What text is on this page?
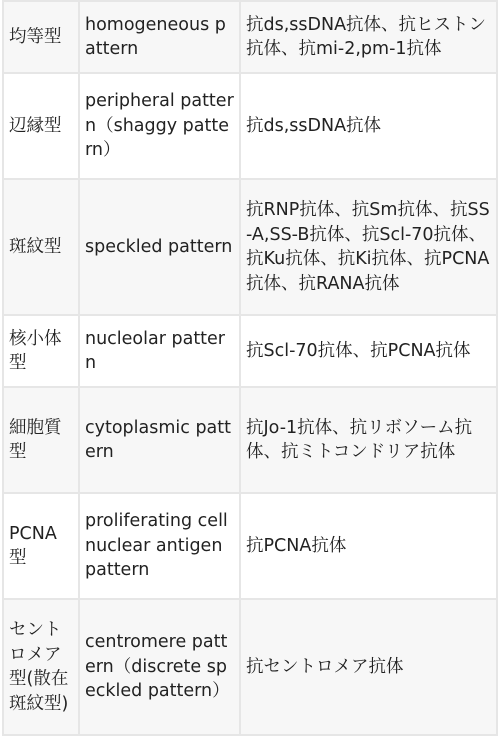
均等型	homogeneous pattern	抗ds,ssDNA抗体、抗ヒストン抗体、抗mi-2,pm-1抗体
辺縁型	peripheral pattern（shaggy pattern）	抗ds,ssDNA抗体
斑紋型	speckled pattern	抗RNP抗体、抗Sm抗体、抗SS-A,SS-B抗体、抗Scl-70抗体、抗Ku抗体、抗Ki抗体、抗PCNA抗体、抗RANA抗体
核小体型	nucleolar pattern	抗Scl-70抗体、抗PCNA抗体
細胞質型	cytoplasmic pattern	抗Jo-1抗体、抗リボソーム抗体、抗ミトコンドリア抗体
PCNA型	proliferating cell nuclear antigen pattern	抗PCNA抗体
セントロメア型(散在斑紋型)	centromere pattern（discrete speckled pattern）	抗セントロメア抗体
